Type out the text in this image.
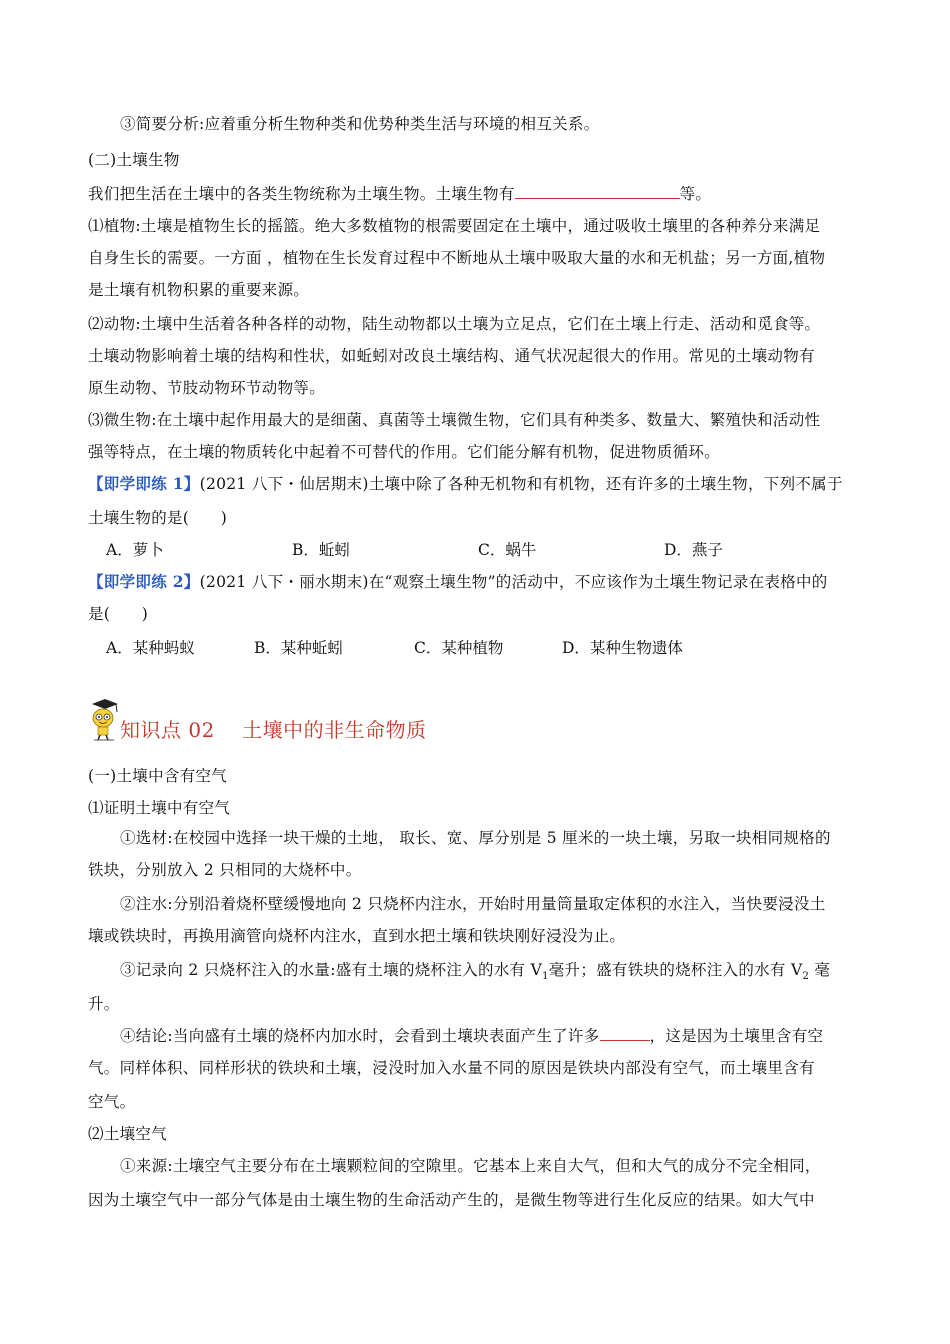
③简要分析:应着重分析生物种类和优势种类生活与环境的相互关系。
(二)土壤生物
我们把生活在土壤中的各类生物统称为土壤生物。土壤生物有	等。
⑴植物:土壤是植物生长的摇篮。绝大多数植物的根需要固定在土壤中，通过吸收土壤里的各种养分来满足
自身生长的需要。一方面 ，植物在生长发育过程中不断地从土壤中吸取大量的水和无机盐；另一方面,植物
是土壤有机物积累的重要来源。
⑵动物:土壤中生活着各种各样的动物，陆生动物都以土壤为立足点，它们在土壤上行走、活动和觅食等。
土壤动物影响着土壤的结构和性状，如蚯蚓对改良土壤结构、通气状况起很大的作用。常见的土壤动物有
原生动物、节肢动物环节动物等。
⑶微生物:在土壤中起作用最大的是细菌、真菌等土壤微生物，它们具有种类多、数量大、繁殖快和活动性
强等特点，在土壤的物质转化中起着不可替代的作用。它们能分解有机物，促进物质循环。
【即学即练 1】(2021 八下・仙居期末)土壤中除了各种无机物和有机物，还有许多的土壤生物，下列不属于
土壤生物的是(　　)
A．萝卜	B．蚯蚓	C．蜗牛	D．燕子
【即学即练 2】(2021 八下・丽水期末)在“观察土壤生物”的活动中，不应该作为土壤生物记录在表格中的
是(　　)
A．某种蚂蚁	B．某种蚯蚓	C．某种植物	D．某种生物遗体
知识点 02　 土壤中的非生命物质
(一)土壤中含有空气
⑴证明土壤中有空气
①选材:在校园中选择一块干燥的土地， 取长、宽、厚分别是 5 厘米的一块土壤，另取一块相同规格的
铁块，分别放入 2 只相同的大烧杯中。
②注水:分别沿着烧杯壁缓慢地向 2 只烧杯内注水，开始时用量筒量取定体积的水注入，当快要浸没土
壤或铁块时，再换用滴管向烧杯内注水，直到水把土壤和铁块刚好浸没为止。
③记录向 2 只烧杯注入的水量:盛有土壤的烧杯注入的水有 $V_1$毫升；盛有铁块的烧杯注入的水有 $V_2$ 毫
升。
④结论:当向盛有土壤的烧杯内加水时，会看到土壤块表面产生了许多	，这是因为土壤里含有空
气。同样体积、同样形状的铁块和土壤，浸没时加入水量不同的原因是铁块内部没有空气，而土壤里含有
空气。
⑵土壤空气
①来源:土壤空气主要分布在土壤颗粒间的空隙里。它基本上来自大气，但和大气的成分不完全相同，
因为土壤空气中一部分气体是由土壤生物的生命活动产生的，是微生物等进行生化反应的结果。如大气中
